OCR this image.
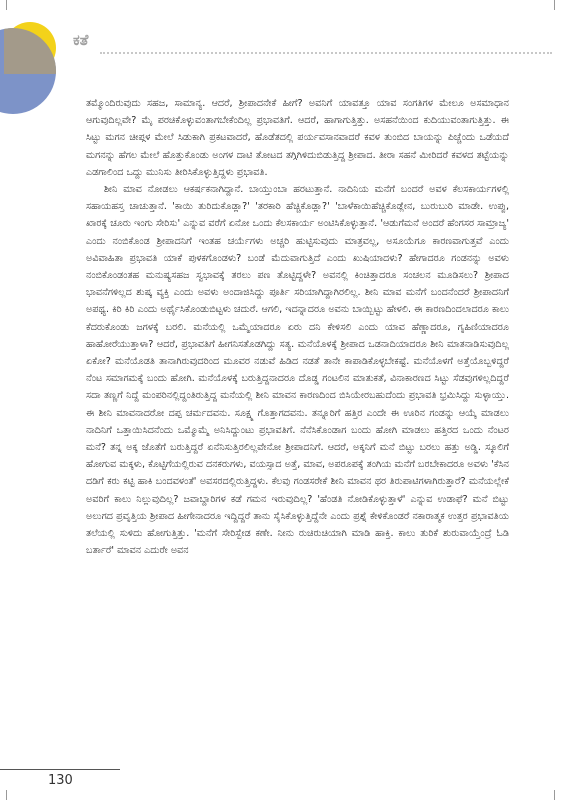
ಕತೆ

ತಮ್ಮೊಂದಿರುವುದು ಸಹಜ, ಸಾಮಾನ್ಯ. ಆದರೆ, ಶ್ರೀಪಾದನೇಕೆ ಹೀಗೆ? ಅವನಿಗೆ ಯಾವತ್ತೂ ಯಾವ ಸಂಗತಿಗಳ ಮೇಲೂ ಅಸಮಾಧಾನ ಆಗುವುದಿಲ್ಲವೇ? ಮೈ ಪರಚಿಕೊಳ್ಳುವಂತಾಗಬೇಕೆಂದಿಲ್ಲ ಪ್ರಭಾವತಿಗೆ. ಆದರೆ, ಹಾಗಾಗುತ್ತಿತ್ತು. ಅಸಹನೆಯಿಂದ ಕುದಿಯುವಂತಾಗುತ್ತಿತ್ತು. ಈ ಸಿಟ್ಟು ಮಗನ ಚೀಪ್ಗಳ ಮೇಲೆ ಸಿಡುಕಾಗಿ ಪ್ರಕಟವಾದರೆ, ಹೊಡೆತದಲ್ಲಿ ಪರ್ಯವಸಾನವಾದರೆ ಕವಳ ತುಂಬಿದ ಬಾಯನ್ನು ಪಿಚ್ಚೆಂದು ಒಡೆಯದೆ ಮಗನನ್ನು ಹೆಗಲ ಮೇಲೆ ಹೊತ್ತುಕೊಂಡು ಅಂಗಳ ದಾಟಿ ತೋಟದ ತಗ್ಗಿಗಿಳಿದುಬಿಡುತ್ತಿದ್ದ ಶ್ರೀಪಾದ. ತೀರಾ ಸಹನೆ ಮೀರಿದರೆ ಕವಳದ ತಟ್ಟೆಯನ್ನು ಎಡಗಾಲಿಂದ ಒದ್ದು ಮುನಿಸು ತೀರಿಸಿಕೊಳ್ಳುತ್ತಿದ್ದಳು ಪ್ರಭಾವತಿ.

ಶೀನಿ ಮಾವ ನೋಡಲು ಆಕರ್ಷಕನಾಗಿದ್ದಾನೆ. ಬಾಯ್ತುಂಬಾ ಹರಟುತ್ತಾನೆ. ನಾದಿನಿಯ ಮನೆಗೆ ಬಂದರೆ ಅವಳ ಕೆಲಸಕಾರ್ಯಗಳಲ್ಲಿ ಸಹಾಯಹಸ್ತ ಚಾಚುತ್ತಾನೆ. 'ಕಾಯಿ ತುರಿದುಕೊಡ್ಲಾ?' 'ತರಕಾರಿ ಹೆಚ್ಚಿಕೊಡ್ಲಾ?' 'ಬಾಳೆಕಾಯಿಹೆಚ್ಚಿಕೊಡ್ಲೇನ, ಬುರುಬುರಿ ಮಾಡೇ. ಉಪ್ಪು, ಖಾರಕ್ಕೆ ಚೂರು ಇಂಗು ಸೇರಿಸು' ಎನ್ನುವ ವರೆಗೆ ಏನೋ ಒಂದು ಕೆಲಸಕಾರ್ಯ ಅಂಟಿಸಿಕೊಳ್ಳುತ್ತಾನೆ. 'ಆಡುಗೆಮನೆ ಅಂದರೆ ಹೆಂಗಸರ ಸಾಮ್ರಾಜ್ಯ' ಎಂದು ನಂಬಿಕೊಂಡ ಶ್ರೀಪಾದನಿಗೆ ಇಂತಹ ಚರ್ಯೆಗಳು ಅಚ್ಚರಿ ಹುಟ್ಟಿಸುವುದು ಮಾತ್ರವಲ್ಲ, ಅಸೂಯೆಗೂ ಕಾರಣವಾಗುತ್ತವೆ ಎಂದು ಅವಿವಾಹಿತಾ ಪ್ರಭಾವತಿ ಯಾಕೆ ಪುಳಕಗೊಂಡಳು? ಬಂಡೆ ಮೆದುವಾಗುತ್ತಿದೆ ಎಂದು ಖುಷಿಯಾದಳು? ಹೇಗಾದರೂ ಗಂಡನನ್ನು ಅವಳು ನಂಬಿಕೊಂಡಂತಹ ಮನುಷ್ಯಸಹಜ ಸ್ವಭಾವಕ್ಕೆ ತರಲು ಪಣ ತೊಟ್ಟಿದ್ದಳೇ? ಅವನಲ್ಲಿ ಕಿಂಚಿತ್ತಾದರೂ ಸಂಚಲನ ಮೂಡಿಸಲು? ಶ್ರೀಪಾದ ಭಾವನೆಗಳಿಲ್ಲದ ಶುಷ್ಕ ವ್ಯಕ್ತಿ ಎಂದು ಅವಳು ಅಂದಾಜಿಸಿದ್ದು ಪೂರ್ತಿ ಸರಿಯಾಗಿದ್ದಾಗಿರಲಿಲ್ಲ. ಶೀನಿ ಮಾವ ಮನೆಗೆ ಬಂದನೆಂದರೆ ಶ್ರೀಪಾದನಿಗೆ ಅಪಥ್ಯ. ಕಿರಿ ಕಿರಿ ಎಂದು ಅರ್ಥೈಸಿಕೊಂಡುಬಿಟ್ಟಳು ಚದುರೆ. ಆಗಲಿ, ಇದನ್ನಾದರೂ ಅವನು ಬಾಯ್ಬಿಟ್ಟು ಹೇಳಲಿ. ಈ ಕಾರಣದಿಂದಲಾದರೂ ಕಾಲು ಕೆದರುಕೊಂಡು ಜಗಳಕ್ಕೆ ಬರಲಿ. ಮನೆಯಲ್ಲಿ ಒಮ್ಮೆಯಾದರೂ ಏರು ದನಿ ಕೇಳಿಸಲಿ ಎಂದು ಯಾವ ಹೆಣ್ಣಾದರೂ, ಗೃಹಿಣಿಯಾದರೂ ಹಾಹೋರೆಯುತ್ತಾಳಾ? ಆದರೆ, ಪ್ರಭಾವತಿಗೆ ಹೀಗನಿಸತೊಡಗಿದ್ದು ಸತ್ಯ. ಮನೆಯೊಳಕ್ಕೆ ಶ್ರೀಪಾದ ಒಡನಾದಿಯಾದರೂ ಶೀನಿ ಮಾತನಾಡಿಸುವುದಿಲ್ಲ ಏಕೋ? ಮನೆಯೊಡತಿ ತಾನಾಗಿರುವುದರಿಂದ ಮೂವರ ನಡುವೆ ಹಿಡಿದ ನಡತೆ ತಾನೇ ಕಾಪಾಡಿಕೊಳ್ಳಬೇಕಷ್ಟೆ. ಮನೆಯೊಳಗೆ ಅತ್ತೆಯೊಬ್ಬಳಿದ್ದರೆ ನೆಂಟ ಸಮಾಗಮಕ್ಕೆ ಬಂದು ಹೋಗಿ. ಮನೆಯೊಳಕ್ಕೆ ಬರುತ್ತಿದ್ದನಾದರೂ ದೊಡ್ಡ ಗಂಟಲಿನ ಮಾತುಕತೆ, ವಿನಾಕಾರಣದ ಸಿಟ್ಟು ಸೆಡವುಗಳಿಲ್ಲದಿದ್ದರೆ ಸದಾ ತಣ್ಣಗೆ ನಿದ್ದೆ ಮಂಪರಿನಲ್ಲಿದ್ದಂತಿರುತ್ತಿದ್ದ ಮನೆಯಲ್ಲಿ ಶೀನಿ ಮಾವನ ಕಾರಣದಿಂದ ಬಿಸಿಯೇರಬಹುದೆಂದು ಪ್ರಭಾವತಿ ಭ್ರಮಿಸಿದ್ದು ಸುಳ್ಳಾಯ್ತು. ಈ ಶೀನಿ ಮಾವನಾದರೋ ದಪ್ಪ ಚರ್ಮದವನು. ಸೂಕ್ಷ್ಮ ಗೊತ್ತಾಗದವನು. ತನ್ನೂರಿಗೆ ಹತ್ತಿರ ಎಂದೇ ಈ ಊರಿನ ಗಂಡನ್ನು ಆಯ್ಕೆ ಮಾಡಲು ನಾದಿನಿಗೆ ಒತ್ತಾಯಿಸಿದನೆಂದು ಒಮ್ಮೊಮ್ಮೆ ಅನಿಸಿದ್ದುಂಟು ಪ್ರಭಾವತಿಗೆ. ನೆನೆಸಿಕೊಂಡಾಗ ಬಂದು ಹೋಗಿ ಮಾಡಲು ಹತ್ತಿರದ ಒಂದು ನೆಂಟರ ಮನೆ? ತನ್ನ ಅಕ್ಕ ಜೊತೆಗೆ ಬರುತ್ತಿದ್ದರೆ ಏನೆನಿಸುತ್ತಿರಲಿಲ್ಲವೇನೋ ಶ್ರೀಪಾದನಿಗೆ. ಆದರೆ, ಅಕ್ಕನಿಗೆ ಮನೆ ಬಿಟ್ಟು ಬರಲು ಹತ್ತು ಅಡ್ಡಿ. ಸ್ಕೂಲಿಗೆ ಹೋಗುವ ಮಕ್ಕಳು, ಕೊಟ್ಟಿಗೆಯಲ್ಲಿರುವ ದನಕರುಗಳು, ವಯಸ್ಸಾದ ಅತ್ತೆ, ಮಾವ, ಅಪರೂಪಕ್ಕೆ ತಂಗಿಯ ಮನೆಗೆ ಬರಬೇಕಾದರೂ ಅವಳು 'ಕೆಸಿನ ದಡಿಗೆ ಕರು ಕಟ್ಟಿ ಹಾಕಿ ಬಂದವಳಂತೆ' ಅವಸರದಲ್ಲಿರುತ್ತಿದ್ದಳು. ಕೆಲವು ಗಂಡಸರೇಕೆ ಶೀನಿ ಮಾವನ ಥರ ತಿರುಪಾಟಿಗಳಾಗಿರುತ್ತಾರೆ? ಮನೆಯಲ್ಲೇಕೆ ಅವರಿಗೆ ಕಾಲು ನಿಲ್ಲುವುದಿಲ್ಲ? ಜವಾಬ್ದಾರಿಗಳ ಕಡೆ ಗಮನ ಇರುವುದಿಲ್ಲ? 'ಹೆಂಡತಿ ನೋಡಿಕೊಳ್ಳುತ್ತಾಳೆ' ಎನ್ನುವ ಉಡಾಫೆ? ಮನೆ ಬಿಟ್ಟು ಅಲುಗದ ಪ್ರವೃತ್ತಿಯ ಶ್ರೀಪಾದ ಹೀಗೇನಾದರೂ ಇದ್ದಿದ್ದರೆ ತಾನು ಸೈಸಿಕೊಳ್ಳುತ್ತಿದ್ದೆನೇ ಎಂದು ಪ್ರಶ್ನೆ ಕೇಳಿಕೊಂಡರೆ ನಕಾರಾತ್ಮಕ ಉತ್ತರ ಪ್ರಭಾವತಿಯ ತಲೆಯಲ್ಲಿ ಸುಳಿದು ಹೋಗುತ್ತಿತ್ತು. 'ಮನೆಗೆ ಸೇರಿಸ್ಬೇಡ ಕಣೇ. ನೀನು ರುಚಿರುಚಿಯಾಗಿ ಮಾಡಿ ಹಾಕ್ತಿ. ಕಾಲು ತುರಿಕೆ ಶುರುವಾಯ್ತೆಂದ್ರೆ ಓಡಿ ಬರ್ತಾರೆ' ಮಾವನ ಎದುರೇ ಅವನ

130
